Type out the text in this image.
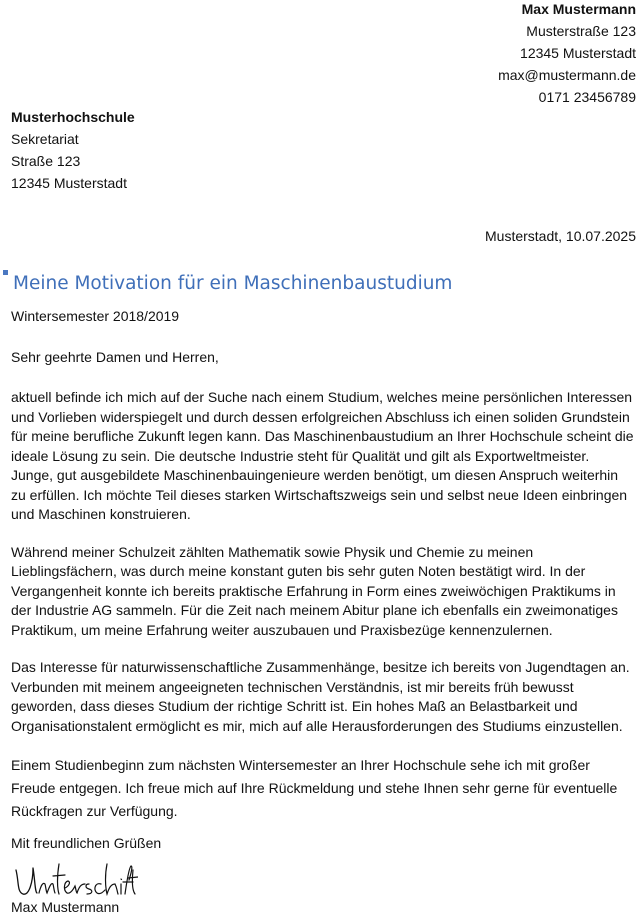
Max Mustermann
Musterstraße 123
12345 Musterstadt
max@mustermann.de
0171 23456789
Musterhochschule
Sekretariat
Straße 123
12345 Musterstadt
Musterstadt, 10.07.2025
Meine Motivation für ein Maschinenbaustudium
Wintersemester 2018/2019
Sehr geehrte Damen und Herren,

aktuell befinde ich mich auf der Suche nach einem Studium, welches meine persönlichen Interessen und Vorlieben widerspiegelt und durch dessen erfolgreichen Abschluss ich einen soliden Grundstein für meine berufliche Zukunft legen kann. Das Maschinenbaustudium an Ihrer Hochschule scheint die ideale Lösung zu sein. Die deutsche Industrie steht für Qualität und gilt als Exportweltmeister. Junge, gut ausgebildete Maschinenbauingenieure werden benötigt, um diesen Anspruch weiterhin zu erfüllen. Ich möchte Teil dieses starken Wirtschaftszweigs sein und selbst neue Ideen einbringen und Maschinen konstruieren.

Während meiner Schulzeit zählten Mathematik sowie Physik und Chemie zu meinen Lieblingsfächern, was durch meine konstant guten bis sehr guten Noten bestätigt wird. In der Vergangenheit konnte ich bereits praktische Erfahrung in Form eines zweiwöchigen Praktikums in der Industrie AG sammeln. Für die Zeit nach meinem Abitur plane ich ebenfalls ein zweimonatiges Praktikum, um meine Erfahrung weiter auszubauen und Praxisbezüge kennenzulernen.

Das Interesse für naturwissenschaftliche Zusammenhänge, besitze ich bereits von Jugendtagen an. Verbunden mit meinem angeeigneten technischen Verständnis, ist mir bereits früh bewusst geworden, dass dieses Studium der richtige Schritt ist. Ein hohes Maß an Belastbarkeit und Organisationstalent ermöglicht es mir, mich auf alle Herausforderungen des Studiums einzustellen.

Einem Studienbeginn zum nächsten Wintersemester an Ihrer Hochschule sehe ich mit großer Freude entgegen. Ich freue mich auf Ihre Rückmeldung und stehe Ihnen sehr gerne für eventuelle Rückfragen zur Verfügung.

Mit freundlichen Grüßen
Max Mustermann
